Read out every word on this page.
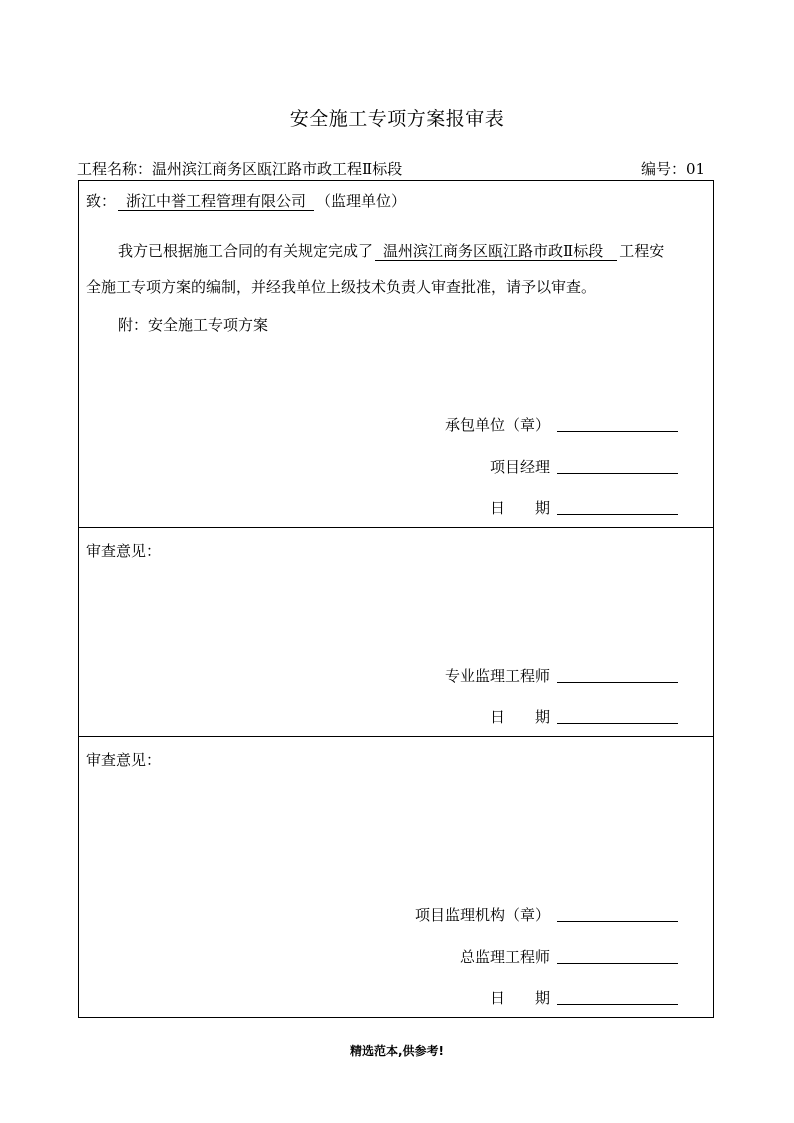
安全施工专项方案报审表
工程名称：温州滨江商务区瓯江路市政工程Ⅱ标段	编号：01
致： 浙江中誉工程管理有限公司 （监理单位）
我方已根据施工合同的有关规定完成了 温州滨江商务区瓯江路市政Ⅱ标段 工程安
全施工专项方案的编制，并经我单位上级技术负责人审查批准，请予以审查。
附：安全施工专项方案
承包单位（章）
项目经理
日　　期
审查意见：
专业监理工程师
日　　期
审查意见：
项目监理机构（章）
总监理工程师
日　　期
精选范本,供参考!
